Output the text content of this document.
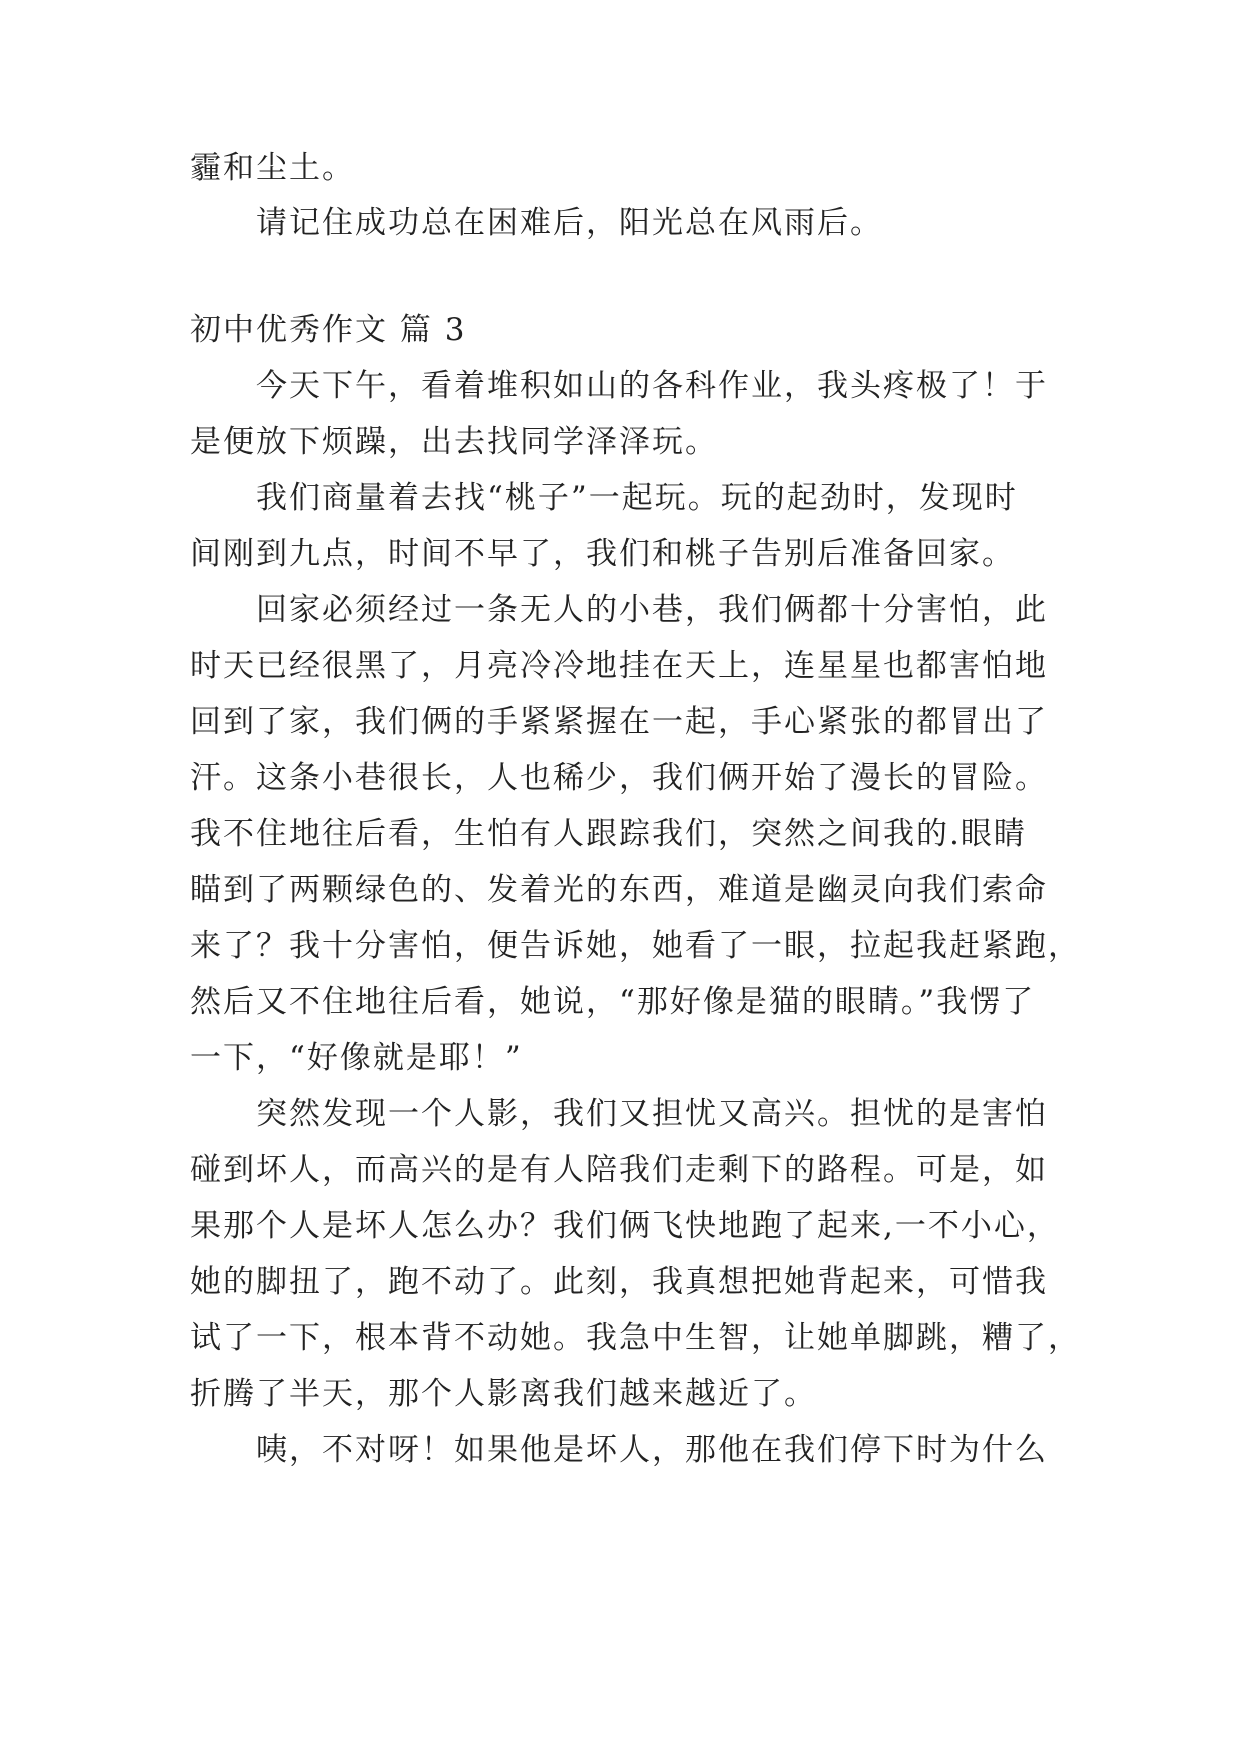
霾和尘土。
请记住成功总在困难后，阳光总在风雨后。
初中优秀作文 篇 3
今天下午，看着堆积如山的各科作业，我头疼极了！于
是便放下烦躁，出去找同学泽泽玩。
我们商量着去找“桃子”一起玩。玩的起劲时，发现时
间刚到九点，时间不早了，我们和桃子告别后准备回家。
回家必须经过一条无人的小巷，我们俩都十分害怕，此
时天已经很黑了，月亮冷冷地挂在天上，连星星也都害怕地
回到了家，我们俩的手紧紧握在一起，手心紧张的都冒出了
汗。这条小巷很长，人也稀少，我们俩开始了漫长的冒险。
我不住地往后看，生怕有人跟踪我们，突然之间我的.眼睛
瞄到了两颗绿色的、发着光的东西，难道是幽灵向我们索命
来了？我十分害怕，便告诉她，她看了一眼，拉起我赶紧跑，
然后又不住地往后看，她说，“那好像是猫的眼睛。”我愣了
一下，“好像就是耶！”
突然发现一个人影，我们又担忧又高兴。担忧的是害怕
碰到坏人，而高兴的是有人陪我们走剩下的路程。可是，如
果那个人是坏人怎么办？我们俩飞快地跑了起来,一不小心，
她的脚扭了，跑不动了。此刻，我真想把她背起来，可惜我
试了一下，根本背不动她。我急中生智，让她单脚跳，糟了，
折腾了半天，那个人影离我们越来越近了。
咦，不对呀！如果他是坏人，那他在我们停下时为什么
